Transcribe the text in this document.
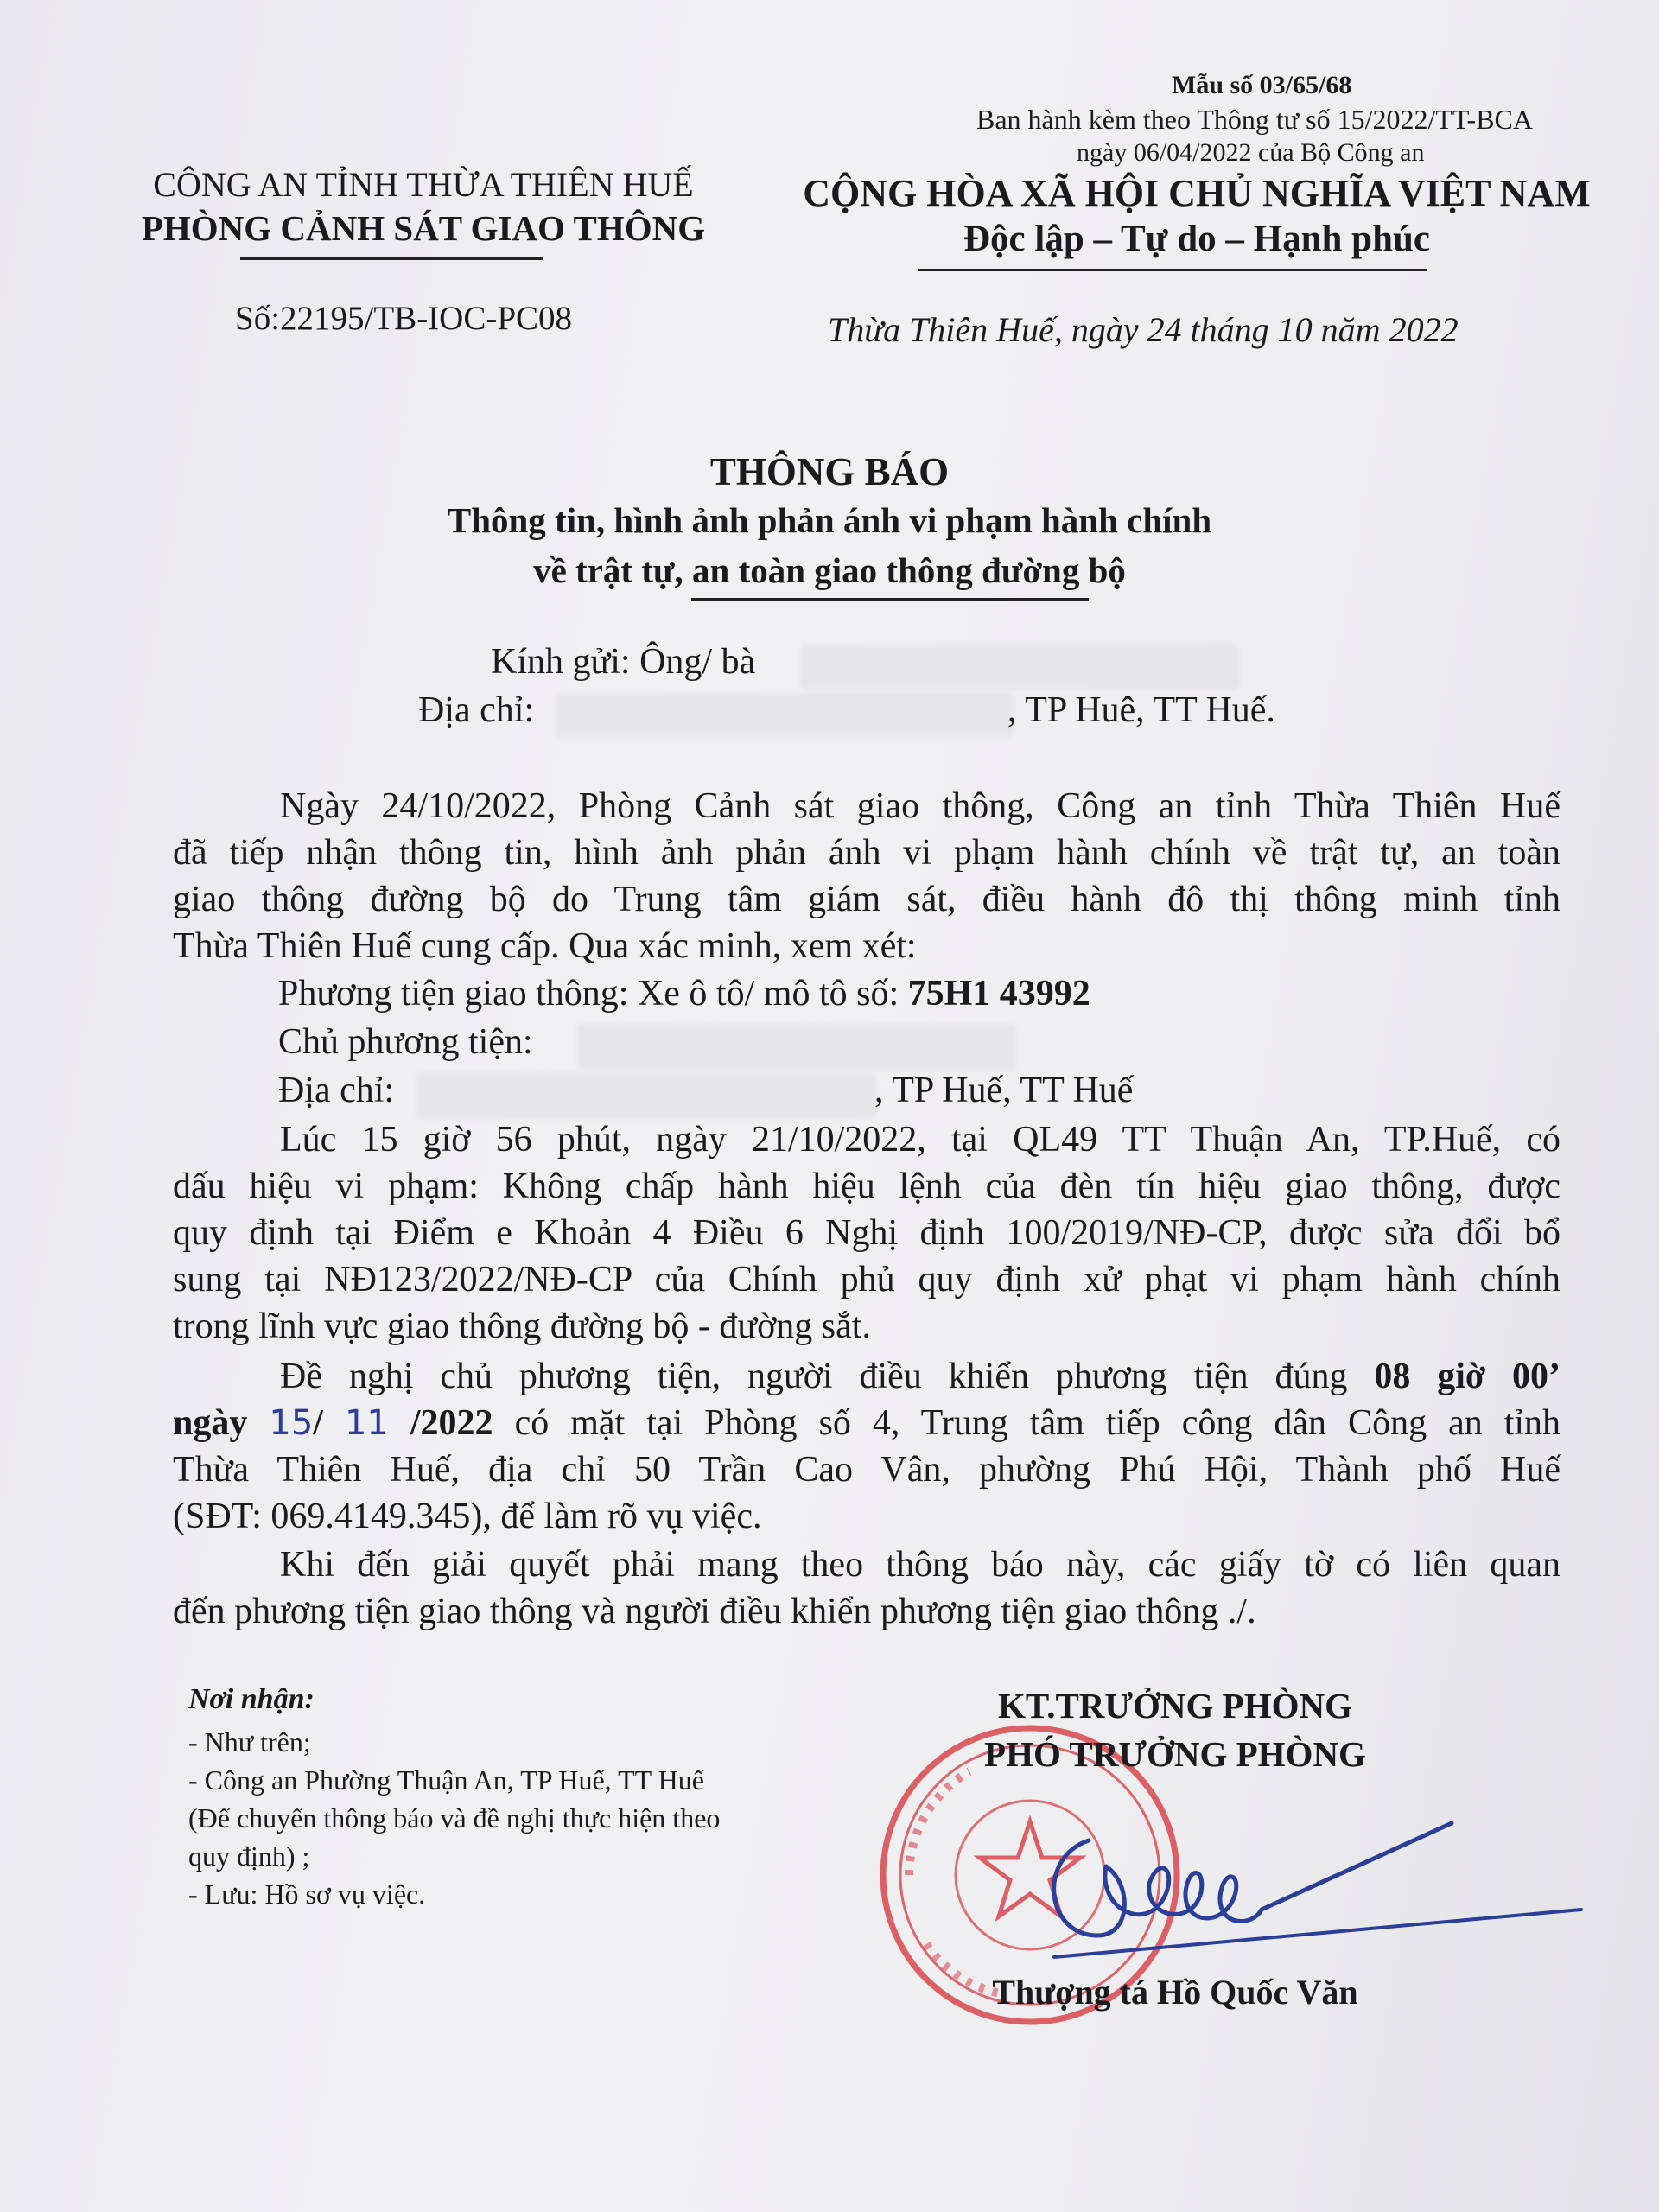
Mẫu số 03/65/68
Ban hành kèm theo Thông tư số 15/2022/TT-BCA
ngày 06/04/2022 của Bộ Công an
CÔNG AN TỈNH THỪA THIÊN HUẾ
PHÒNG CẢNH SÁT GIAO THÔNG
Số:22195/TB-IOC-PC08
CỘNG HÒA XÃ HỘI CHỦ NGHĨA VIỆT NAM
Độc lập – Tự do – Hạnh phúc
Thừa Thiên Huế, ngày 24 tháng 10 năm 2022
THÔNG BÁO
Thông tin, hình ảnh phản ánh vi phạm hành chính
về trật tự, an toàn giao thông đường bộ
Kính gửi: Ông/ bà
Địa chỉ:	, TP Huê, TT Huế.
Ngày 24/10/2022, Phòng Cảnh sát giao thông, Công an tỉnh Thừa Thiên Huế
đã tiếp nhận thông tin, hình ảnh phản ánh vi phạm hành chính về trật tự, an toàn
giao thông đường bộ do Trung tâm giám sát, điều hành đô thị thông minh tỉnh
Thừa Thiên Huế cung cấp. Qua xác minh, xem xét:
Phương tiện giao thông: Xe ô tô/ mô tô số: 75H1 43992
Chủ phương tiện:
Địa chỉ:	, TP Huế, TT Huế
Lúc 15 giờ 56 phút, ngày 21/10/2022, tại QL49 TT Thuận An, TP.Huế, có
dấu hiệu vi phạm: Không chấp hành hiệu lệnh của đèn tín hiệu giao thông, được
quy định tại Điểm e Khoản 4 Điều 6 Nghị định 100/2019/NĐ-CP, được sửa đổi bổ
sung tại NĐ123/2022/NĐ-CP của Chính phủ quy định xử phạt vi phạm hành chính
trong lĩnh vực giao thông đường bộ - đường sắt.
Đề nghị chủ phương tiện, người điều khiển phương tiện đúng 08 giờ 00’
ngày 15/ 11 /2022 có mặt tại Phòng số 4, Trung tâm tiếp công dân Công an tỉnh
Thừa Thiên Huế, địa chỉ 50 Trần Cao Vân, phường Phú Hội, Thành phố Huế
(SĐT: 069.4149.345), để làm rõ vụ việc.
Khi đến giải quyết phải mang theo thông báo này, các giấy tờ có liên quan
đến phương tiện giao thông và người điều khiển phương tiện giao thông ./.
Nơi nhận:
- Như trên;
- Công an Phường Thuận An, TP Huế, TT Huế
(Để chuyển thông báo và đề nghị thực hiện theo
quy định) ;
- Lưu: Hồ sơ vụ việc.
KT.TRƯỞNG PHÒNG
PHÓ TRƯỞNG PHÒNG
Thượng tá Hồ Quốc Văn
